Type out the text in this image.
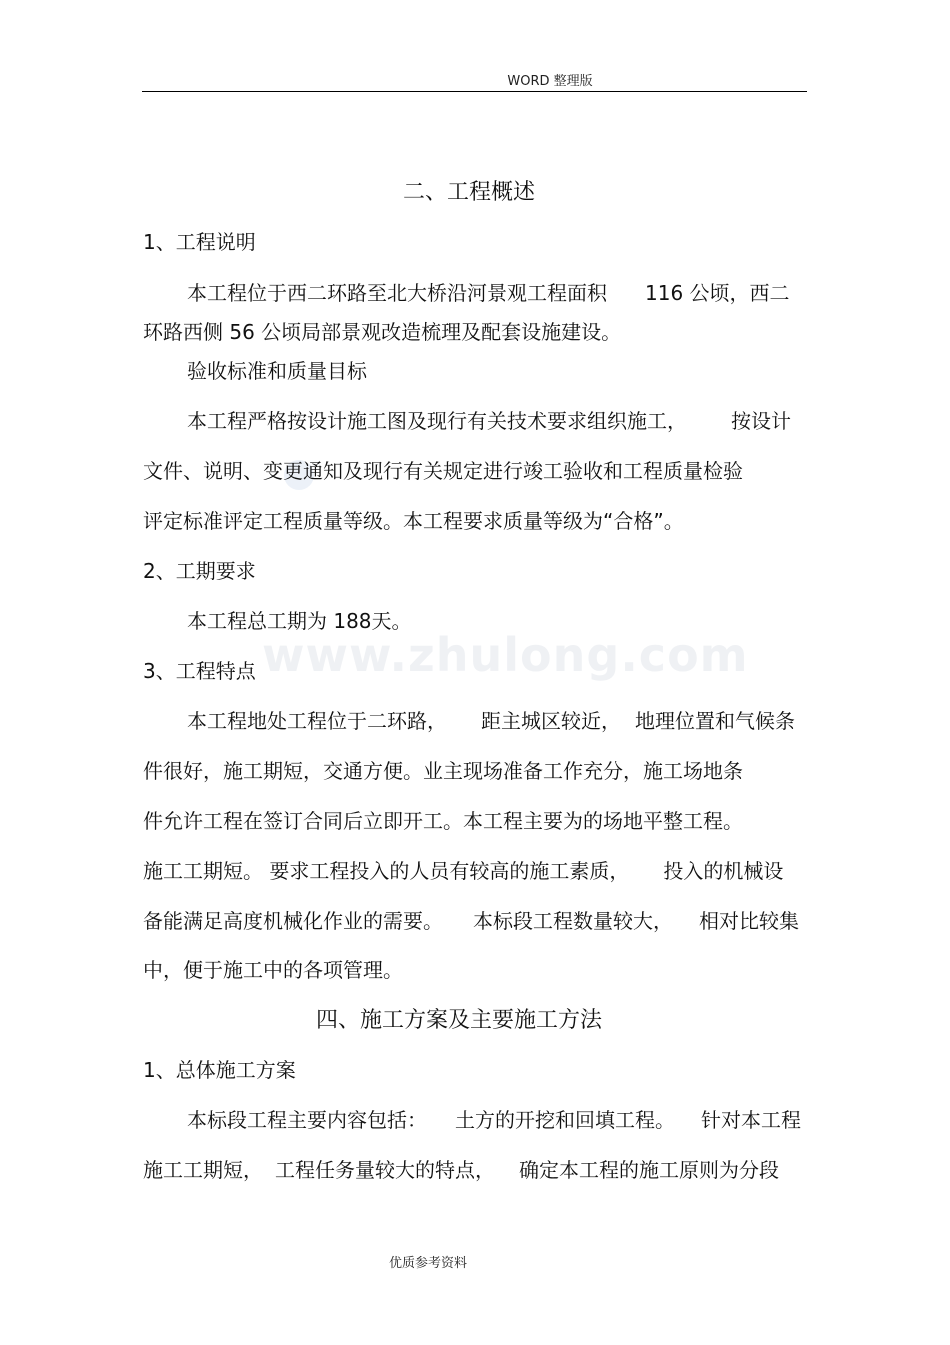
WORD 整理版
www.zhulong.com
二、工程概述
1、工程说明
本工程位于西二环路至北大桥沿河景观工程面积 116 公顷，西二
环路西侧 56 公顷局部景观改造梳理及配套设施建设。
验收标准和质量目标
本工程严格按设计施工图及现行有关技术要求组织施工， 按设计
文件、说明、变更通知及现行有关规定进行竣工验收和工程质量检验
评定标准评定工程质量等级。本工程要求质量等级为“合格”。
2、工期要求
本工程总工期为 188天。
3、工程特点
本工程地处工程位于二环路， 距主城区较近， 地理位置和气候条
件很好，施工期短，交通方便。业主现场准备工作充分，施工场地条
件允许工程在签订合同后立即开工。本工程主要为的场地平整工程。
施工工期短。 要求工程投入的人员有较高的施工素质， 投入的机械设
备能满足高度机械化作业的需要。 本标段工程数量较大， 相对比较集
中，便于施工中的各项管理。
四、施工方案及主要施工方法
1、总体施工方案
本标段工程主要内容包括： 土方的开挖和回填工程。 针对本工程
施工工期短， 工程任务量较大的特点， 确定本工程的施工原则为分段
优质参考资料
